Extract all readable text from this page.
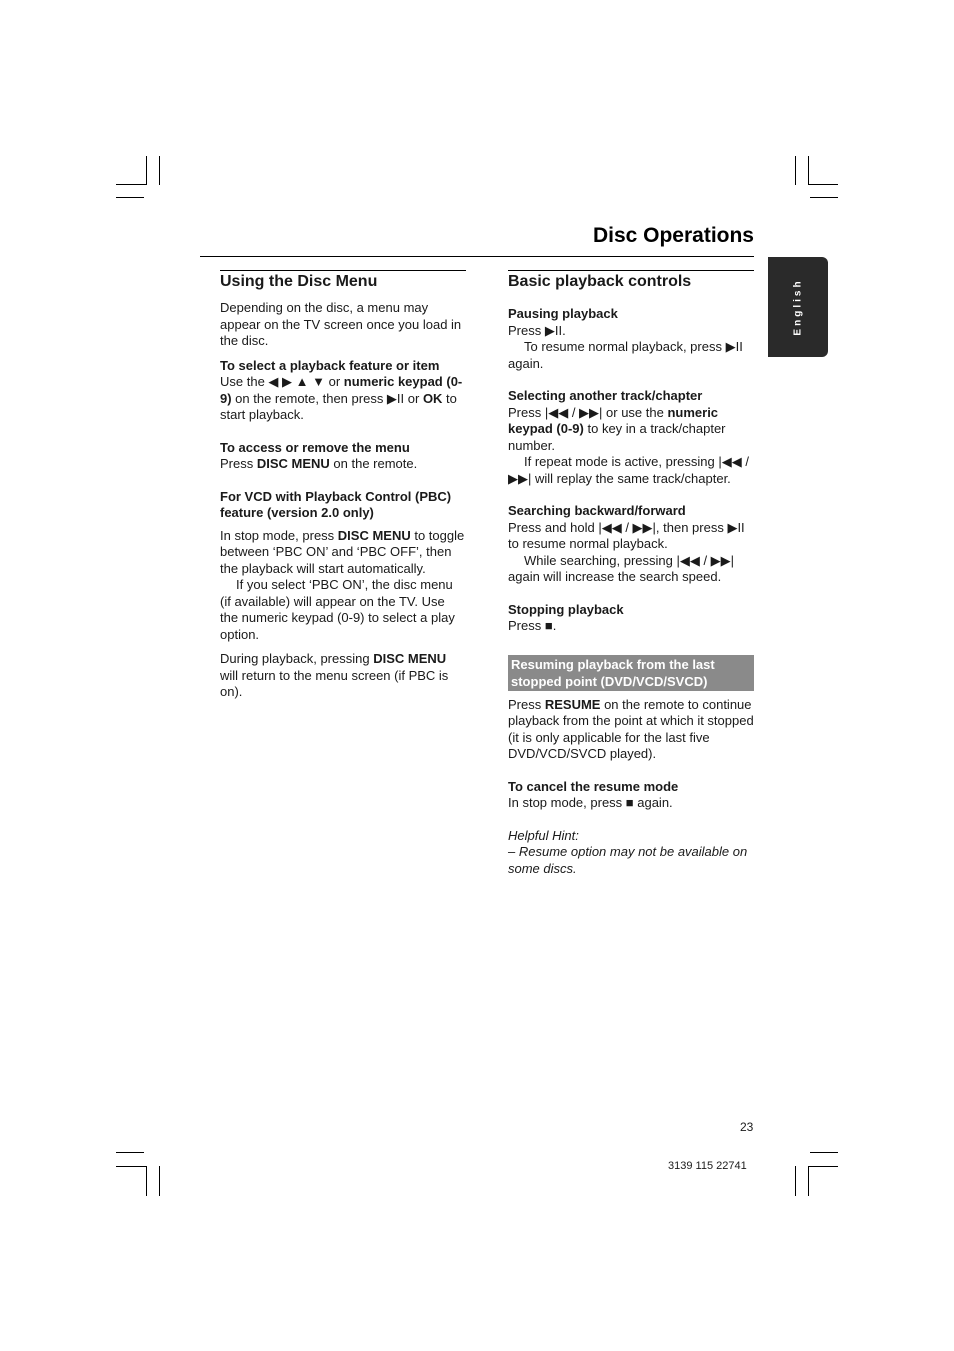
Disc Operations
English
Using the Disc Menu

Depending on the disc, a menu may appear on the TV screen once you load in the disc.

To select a playback feature or item

Use the ◀ ▶ ▲ ▼ or numeric keypad (0-9) on the remote, then press ▶II or OK to start playback.

To access or remove the menu

Press DISC MENU on the remote.

For VCD with Playback Control (PBC) feature (version 2.0 only)

In stop mode, press DISC MENU to toggle between ‘PBC ON’ and ‘PBC OFF’, then the playback will start automatically.

If you select ‘PBC ON’, the disc menu (if available) will appear on the TV. Use the numeric keypad (0-9) to select a play option.

During playback, pressing DISC MENU will return to the menu screen (if PBC is on).

Basic playback controls

Pausing playback

Press ▶II.

To resume normal playback, press ▶II again.

Selecting another track/chapter

Press |◀◀ / ▶▶| or use the numeric keypad (0-9) to key in a track/chapter number.

If repeat mode is active, pressing |◀◀ / ▶▶| will replay the same track/chapter.

Searching backward/forward

Press and hold |◀◀ / ▶▶|, then press ▶II to resume normal playback.

While searching, pressing |◀◀ / ▶▶| again will increase the search speed.

Stopping playback

Press ■.

Resuming playback from the last stopped point (DVD/VCD/SVCD)

Press RESUME on the remote to continue playback from the point at which it stopped (it is only applicable for the last five DVD/VCD/SVCD played).

To cancel the resume mode

In stop mode, press ■ again.

Helpful Hint:

– Resume option may not be available on some discs.

23
3139 115 22741
